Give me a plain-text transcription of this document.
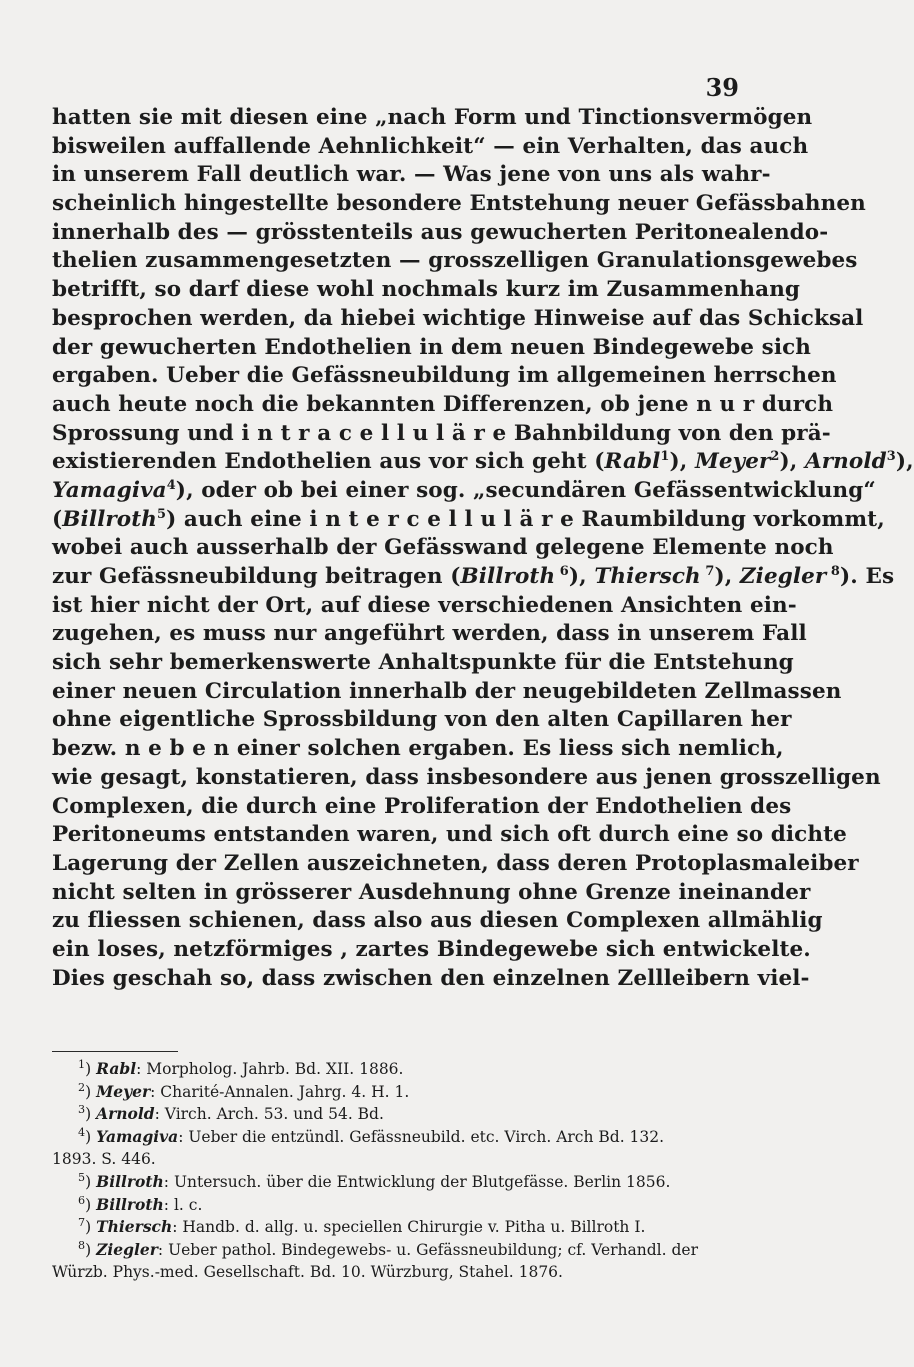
39
hatten sie mit diesen eine „nach Form und Tinctionsvermögen
bisweilen auffallende Aehnlichkeit“ — ein Verhalten, das auch
in unserem Fall deutlich war. — Was jene von uns als wahr-
scheinlich hingestellte besondere Entstehung neuer Gefässbahnen
innerhalb des — grösstenteils aus gewucherten Peritonealendo-
thelien zusammengesetzten — grosszelligen Granulationsgewebes
betrifft, so darf diese wohl nochmals kurz im Zusammenhang
besprochen werden, da hiebei wichtige Hinweise auf das Schicksal
der gewucherten Endothelien in dem neuen Bindegewebe sich
ergaben. Ueber die Gefässneubildung im allgemeinen herrschen
auch heute noch die bekannten Differenzen, ob jene n u r durch
Sprossung und i n t r a c e l l u l ä r e Bahnbildung von den prä-
existierenden Endothelien aus vor sich geht (Rabl$^1$), Meyer$^2$), Arnold$^3$),
Yamagiva$^4$), oder ob bei einer sog. „secundären Gefässentwicklung“
(Billroth$^5$) auch eine i n t e r c e l l u l ä r e Raumbildung vorkommt,
wobei auch ausserhalb der Gefässwand gelegene Elemente noch
zur Gefässneubildung beitragen (Billroth $^6$), Thiersch $^7$), Ziegler $^8$). Es
ist hier nicht der Ort, auf diese verschiedenen Ansichten ein-
zugehen, es muss nur angeführt werden, dass in unserem Fall
sich sehr bemerkenswerte Anhaltspunkte für die Entstehung
einer neuen Circulation innerhalb der neugebildeten Zellmassen
ohne eigentliche Sprossbildung von den alten Capillaren her
bezw. n e b e n einer solchen ergaben. Es liess sich nemlich,
wie gesagt, konstatieren, dass insbesondere aus jenen grosszelligen
Complexen, die durch eine Proliferation der Endothelien des
Peritoneums entstanden waren, und sich oft durch eine so dichte
Lagerung der Zellen auszeichneten, dass deren Protoplasmaleiber
nicht selten in grösserer Ausdehnung ohne Grenze ineinander
zu fliessen schienen, dass also aus diesen Complexen allmählig
ein loses, netzförmiges , zartes Bindegewebe sich entwickelte.
Dies geschah so, dass zwischen den einzelnen Zellleibern viel-
$^1$) Rabl: Morpholog. Jahrb. Bd. XII. 1886.
$^2$) Meyer: Charité-Annalen. Jahrg. 4. H. 1.
$^3$) Arnold: Virch. Arch. 53. und 54. Bd.
$^4$) Yamagiva: Ueber die entzündl. Gefässneubild. etc. Virch. Arch Bd. 132.
1893. S. 446.
$^5$) Billroth: Untersuch. über die Entwicklung der Blutgefässe. Berlin 1856.
$^6$) Billroth: l. c.
$^7$) Thiersch: Handb. d. allg. u. speciellen Chirurgie v. Pitha u. Billroth I.
$^8$) Ziegler: Ueber pathol. Bindegewebs- u. Gefässneubildung; cf. Verhandl. der
Würzb. Phys.-med. Gesellschaft. Bd. 10. Würzburg, Stahel. 1876.
